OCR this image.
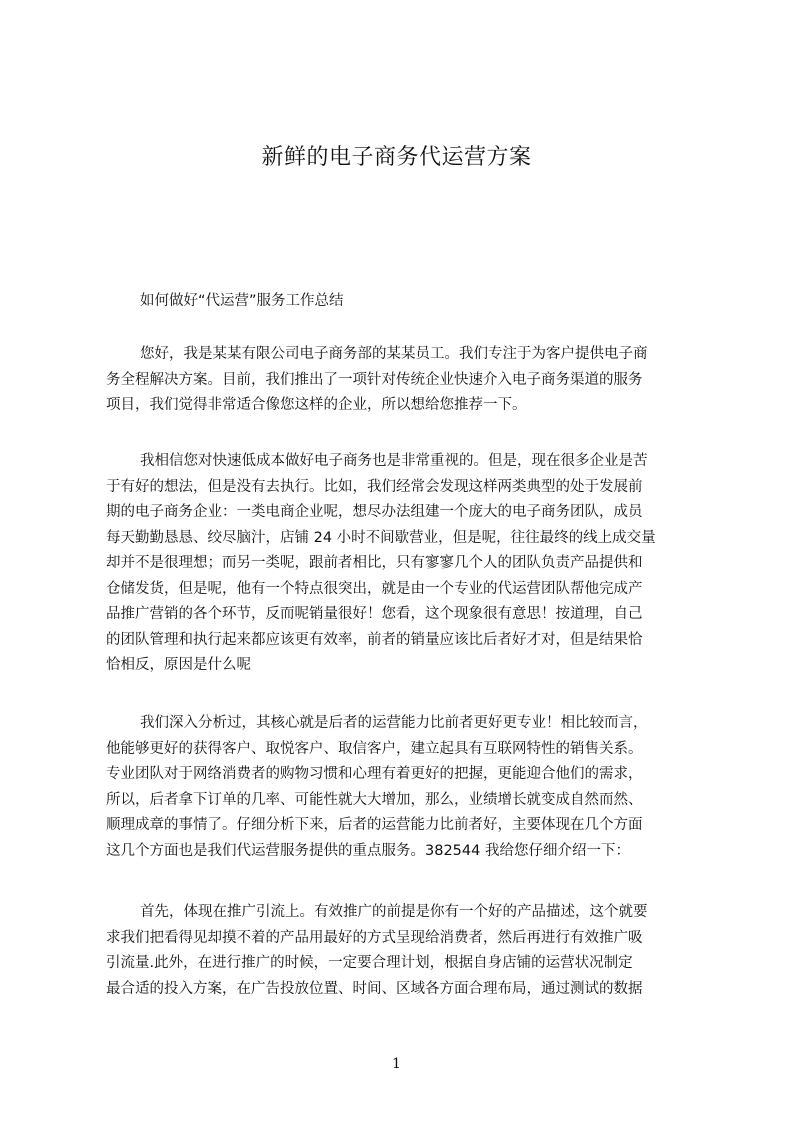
新鲜的电子商务代运营方案
如何做好“代运营”服务工作总结
您好，我是某某有限公司电子商务部的某某员工。我们专注于为客户提供电子商
务全程解决方案。目前，我们推出了一项针对传统企业快速介入电子商务渠道的服务
项目，我们觉得非常适合像您这样的企业，所以想给您推荐一下。
我相信您对快速低成本做好电子商务也是非常重视的。但是，现在很多企业是苦
于有好的想法，但是没有去执行。比如，我们经常会发现这样两类典型的处于发展前
期的电子商务企业：一类电商企业呢，想尽办法组建一个庞大的电子商务团队，成员
每天勤勤恳恳、绞尽脑汁，店铺 24 小时不间歇营业，但是呢，往往最终的线上成交量
却并不是很理想；而另一类呢，跟前者相比，只有寥寥几个人的团队负责产品提供和
仓储发货，但是呢，他有一个特点很突出，就是由一个专业的代运营团队帮他完成产
品推广营销的各个环节，反而呢销量很好！您看，这个现象很有意思！按道理，自己
的团队管理和执行起来都应该更有效率，前者的销量应该比后者好才对，但是结果恰
恰相反，原因是什么呢
我们深入分析过，其核心就是后者的运营能力比前者更好更专业！相比较而言，
他能够更好的获得客户、取悦客户、取信客户，建立起具有互联网特性的销售关系。
专业团队对于网络消费者的购物习惯和心理有着更好的把握，更能迎合他们的需求，
所以，后者拿下订单的几率、可能性就大大增加，那么，业绩增长就变成自然而然、
顺理成章的事情了。仔细分析下来，后者的运营能力比前者好，主要体现在几个方面
这几个方面也是我们代运营服务提供的重点服务。382544 我给您仔细介绍一下：
首先，体现在推广引流上。有效推广的前提是你有一个好的产品描述，这个就要
求我们把看得见却摸不着的产品用最好的方式呈现给消费者，然后再进行有效推广吸
引流量.此外，在进行推广的时候，一定要合理计划，根据自身店铺的运营状况制定
最合适的投入方案，在广告投放位置、时间、区域各方面合理布局，通过测试的数据
1
